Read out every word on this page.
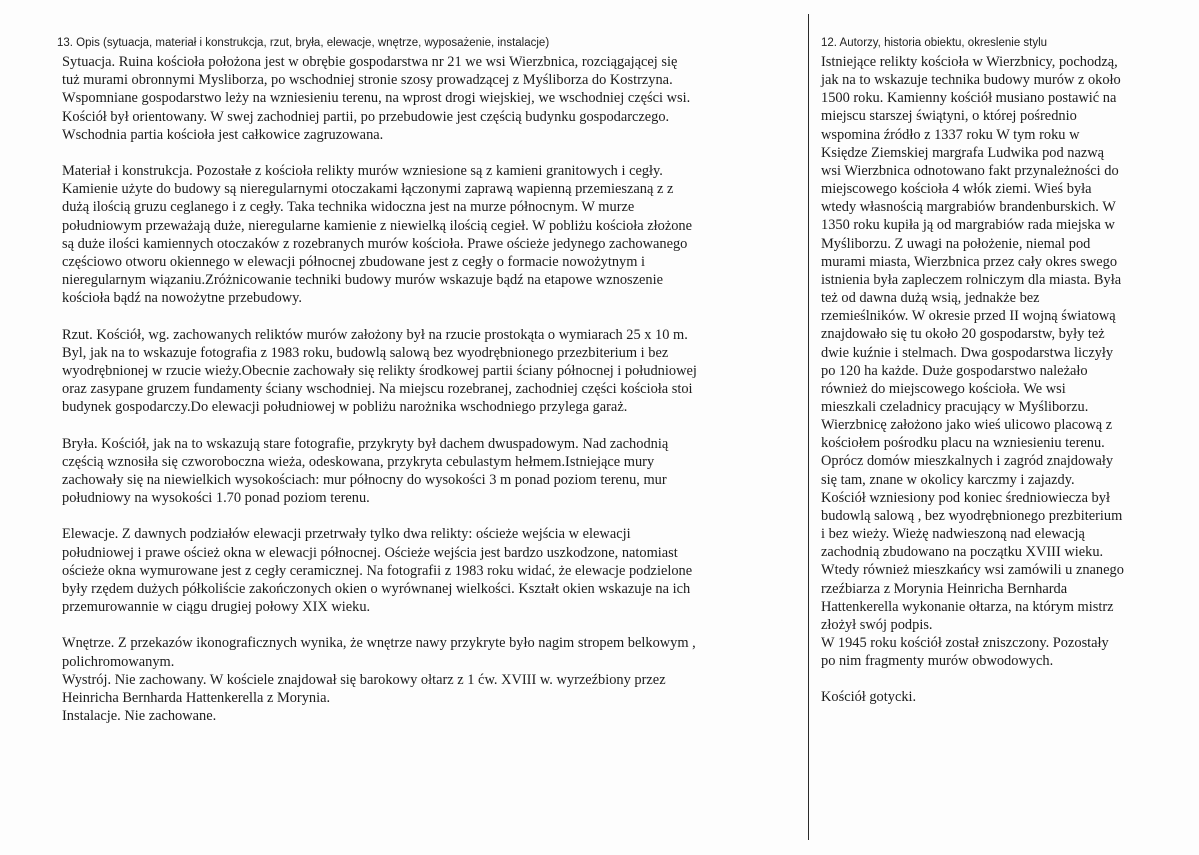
13. Opis (sytuacja, materiał i konstrukcja, rzut, bryła, elewacje, wnętrze, wyposażenie, instalacje)

Sytuacja. Ruina kościoła położona jest w obrębie gospodarstwa nr 21 we wsi Wierzbnica, rozciągającej się
tuż murami obronnymi Mysliborza, po wschodniej stronie szosy prowadzącej z Myśliborza do Kostrzyna.
Wspomniane gospodarstwo leży na wzniesieniu terenu, na wprost drogi wiejskiej, we wschodniej części wsi.
Kościół był orientowany. W swej zachodniej partii, po przebudowie jest częścią budynku gospodarczego.
Wschodnia partia kościoła jest całkowice zagruzowana.

Materiał i konstrukcja. Pozostałe z kościoła relikty murów wzniesione są z kamieni granitowych i cegły.
Kamienie użyte do budowy są nieregularnymi otoczakami łączonymi zaprawą wapienną przemieszaną z z
dużą ilością gruzu ceglanego i z cegły. Taka technika widoczna jest na murze północnym. W murze
południowym przeważają duże, nieregularne kamienie z niewielką ilością cegieł. W pobliżu kościoła złożone
są duże ilości kamiennych otoczaków z rozebranych murów kościoła. Prawe ościeże jedynego zachowanego
częściowo otworu okiennego w elewacji północnej zbudowane jest z cegły o formacie nowożytnym i
nieregularnym wiązaniu.Zróżnicowanie techniki budowy murów wskazuje bądź na etapowe wznoszenie
kościoła bądź na nowożytne przebudowy.

Rzut. Kościół, wg. zachowanych reliktów murów założony był na rzucie prostokąta o wymiarach 25 x 10 m.
Byl, jak na to wskazuje fotografia z 1983 roku, budowlą salową bez wyodrębnionego przezbiterium i bez
wyodrębnionej w rzucie wieży.Obecnie zachowały się relikty środkowej partii ściany północnej i południowej
oraz zasypane gruzem fundamenty ściany wschodniej. Na miejscu rozebranej, zachodniej części kościoła stoi
budynek gospodarczy.Do elewacji południowej w pobliżu narożnika wschodniego przylega garaż.

Bryła. Kościół, jak na to wskazują stare fotografie, przykryty był dachem dwuspadowym. Nad zachodnią
częścią wznosiła się czworoboczna wieża, odeskowana, przykryta cebulastym hełmem.Istniejące mury
zachowały się na niewielkich wysokościach: mur północny do wysokości 3 m ponad poziom terenu, mur
południowy na wysokości 1.70 ponad poziom terenu.

Elewacje. Z dawnych podziałów elewacji przetrwały tylko dwa relikty: ościeże wejścia w elewacji
południowej i prawe oścież okna w elewacji północnej. Ościeże wejścia jest bardzo uszkodzone, natomiast
ościeże okna wymurowane jest z cegły ceramicznej. Na fotografii z 1983 roku widać, że elewacje podzielone
były rzędem dużych półkoliście zakończonych okien o wyrównanej wielkości. Kształt okien wskazuje na ich
przemurowannie w ciągu drugiej połowy XIX wieku.

Wnętrze. Z przekazów ikonograficznych wynika, że wnętrze nawy przykryte było nagim stropem belkowym ,
polichromowanym.

Wystrój. Nie zachowany. W kościele znajdował się barokowy ołtarz z 1 ćw. XVIII w. wyrzeźbiony przez
Heinricha Bernharda Hattenkerella z Morynia.

Instalacje. Nie zachowane.

12. Autorzy, historia obiektu, okreslenie stylu

Istniejące relikty kościoła w Wierzbnicy, pochodzą,
jak na to wskazuje technika budowy murów z około
1500 roku. Kamienny kościół musiano postawić na
miejscu starszej świątyni, o której pośrednio
wspomina źródło z 1337 roku W tym roku w
Księdze Ziemskiej margrafa Ludwika pod nazwą
wsi Wierzbnica odnotowano fakt przynależności do
miejscowego kościoła 4 włók ziemi. Wieś była
wtedy własnością margrabiów brandenburskich. W
1350 roku kupiła ją od margrabiów rada miejska w
Myśliborzu. Z uwagi na położenie, niemal pod
murami miasta, Wierzbnica przez cały okres swego
istnienia była zapleczem rolniczym dla miasta. Była
też od dawna dużą wsią, jednakże bez
rzemieślników. W okresie przed II wojną światową
znajdowało się tu około 20 gospodarstw, były też
dwie kuźnie i stelmach. Dwa gospodarstwa liczyły
po 120 ha każde. Duże gospodarstwo należało
również do miejscowego kościoła. We wsi
mieszkali czeladnicy pracujący w Myśliborzu.
Wierzbnicę założono jako wieś ulicowo placową z
kościołem pośrodku placu na wzniesieniu terenu.
Oprócz domów mieszkalnych i zagród znajdowały
się tam, znane w okolicy karczmy i zajazdy.
Kościół wzniesiony pod koniec średniowiecza był
budowlą salową , bez wyodrębnionego prezbiterium
i bez wieży. Wieżę nadwieszoną nad elewacją
zachodnią zbudowano na początku XVIII wieku.
Wtedy również mieszkańcy wsi zamówili u znanego
rzeźbiarza z Morynia Heinricha Bernharda
Hattenkerella wykonanie ołtarza, na którym mistrz
złożył swój podpis.
W 1945 roku kościół został zniszczony. Pozostały
po nim fragmenty murów obwodowych.

Kościół gotycki.
